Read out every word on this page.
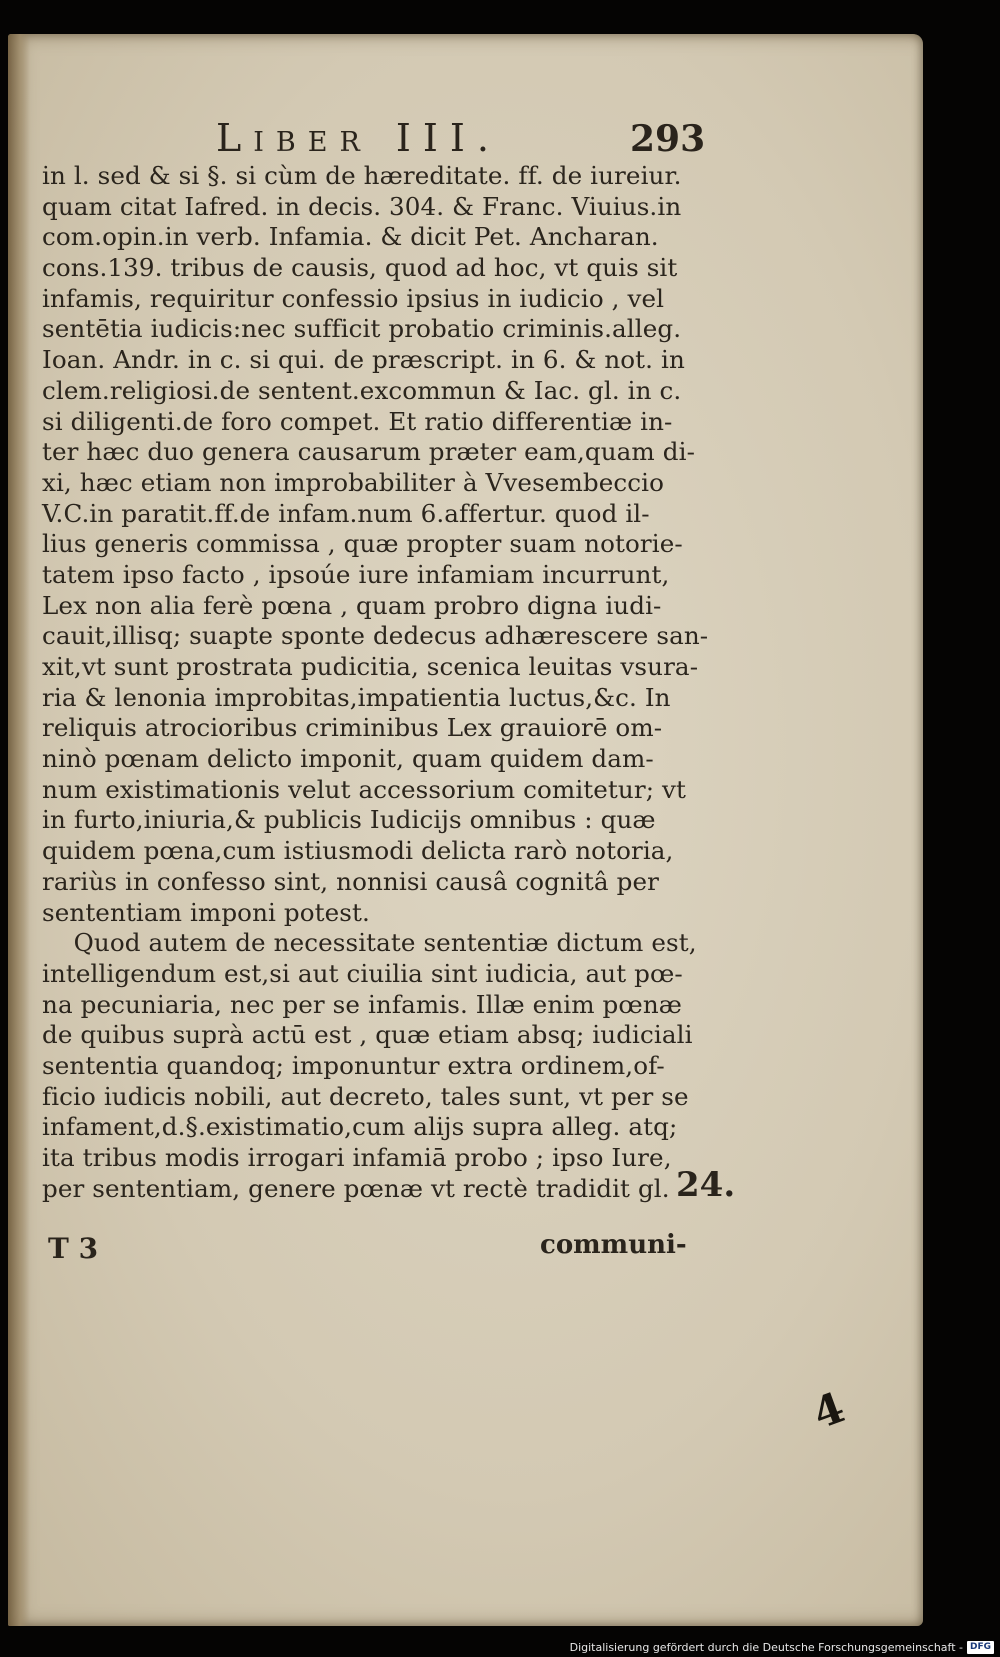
Liber III.	293
in l. sed & si §. si cùm de hæreditate. ff. de iureiur.
quam citat Iafred. in decis. 304. & Franc. Viuius.in
com.opin.in verb. Infamia. & dicit Pet. Ancharan.
cons.139. tribus de causis, quod ad hoc, vt quis sit
infamis, requiritur confessio ipsius in iudicio , vel
sentētia iudicis:nec sufficit probatio criminis.alleg.
Ioan. Andr. in c. si qui. de præscript. in 6. & not. in
clem.religiosi.de sentent.excommun & Iac. gl. in c.
si diligenti.de foro compet. Et ratio differentiæ in-
ter hæc duo genera causarum præter eam,quam di-
xi, hæc etiam non improbabiliter à Vvesembeccio
V.C.in paratit.ff.de infam.num 6.affertur. quod il-
lius generis commissa , quæ propter suam notorie-
tatem ipso facto , ipsoúe iure infamiam incurrunt,
Lex non alia ferè pœna , quam probro digna iudi-
cauit,illisq; suapte sponte dedecus adhærescere san-
xit,vt sunt prostrata pudicitia, scenica leuitas vsura-
ria & lenonia improbitas,impatientia luctus,&c. In
reliquis atrocioribus criminibus Lex grauiorē om-
ninò pœnam delicto imponit, quam quidem dam-
num existimationis velut accessorium comitetur; vt
in furto,iniuria,& publicis Iudicijs omnibus : quæ
quidem pœna,cum istiusmodi delicta rarò notoria,
rariùs in confesso sint, nonnisi causâ cognitâ per
sententiam imponi potest.
Quod autem de necessitate sententiæ dictum est,
intelligendum est,si aut ciuilia sint iudicia, aut pœ-
na pecuniaria, nec per se infamis. Illæ enim pœnæ
de quibus suprà actū est , quæ etiam absq; iudiciali
sententia quandoq; imponuntur extra ordinem,of-
ficio iudicis nobili, aut decreto, tales sunt, vt per se
infament,d.§.existimatio,cum alijs supra alleg. atq;
ita tribus modis irrogari infamiā probo ; ipso Iure,
per sententiam, genere pœnæ vt rectè tradidit gl. 24.
T 3	communi-
4
Digitalisierung gefördert durch die Deutsche Forschungsgemeinschaft - DFG
